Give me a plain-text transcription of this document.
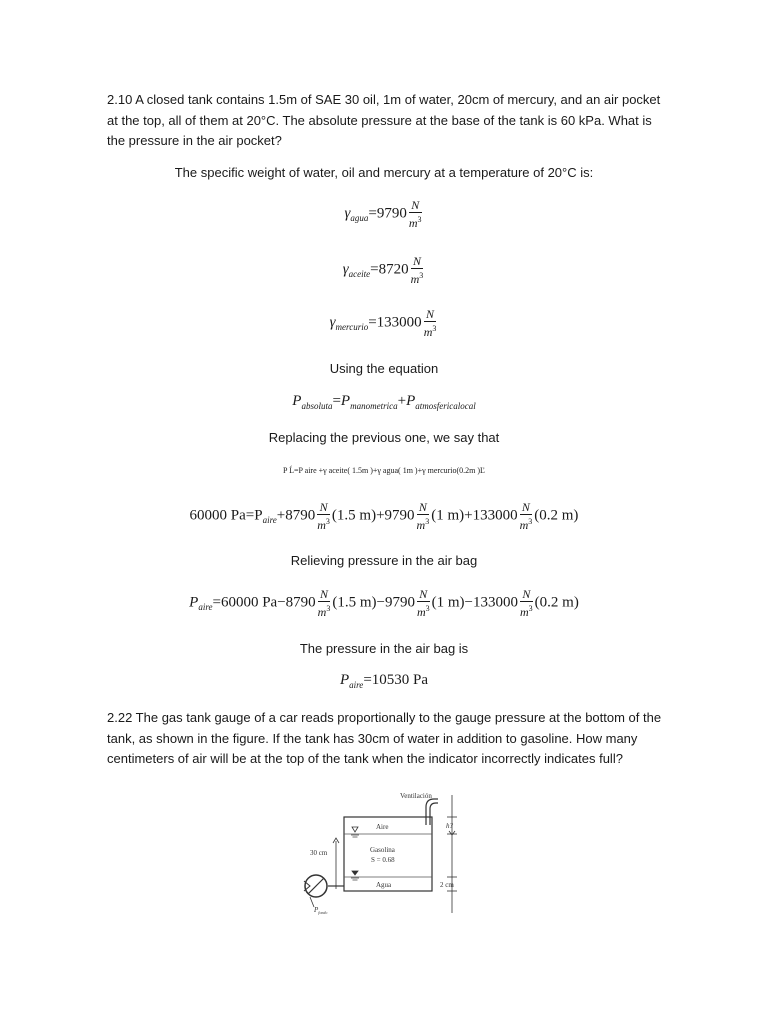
2.10 A closed tank contains 1.5m of SAE 30 oil, 1m of water, 20cm of mercury, and an air pocket at the top, all of them at 20°C. The absolute pressure at the base of the tank is 60 kPa. What is the pressure in the air pocket?
The specific weight of water, oil and mercury at a temperature of 20°C is:
$\gamma_{agua}=9790 \frac{N}{m^3}$
$\gamma_{aceite}=8720 \frac{N}{m^3}$
$\gamma_{mercurio}=133000 \frac{N}{m^3}$
Using the equation
$P_{absoluta}=P_{manometrica}+P_{atmosfericalocal}$
Replacing the previous one, we say that
P Ĺ=P aire +γ aceite( 1.5m )+γ agua( 1m )+γ mercurio(0.2m )Ľ
60000 $Pa=P_{aire}+8790 \frac{N}{m^3} (1.5$ $m)+9790 \frac{N}{m^3} (1$ $m)+133000 \frac{N}{m^3} (0.2$ m)
Relieving pressure in the air bag
$P_{aire}=60000$ $Pa-8790 \frac{N}{m^3} (1.5$ $m)-9790 \frac{N}{m^3} (1$ $m)-133000 \frac{N}{m^3} (0.2$ m)
The pressure in the air bag is
$P_{aire}=10530$ Pa
2.22 The gas tank gauge of a car reads proportionally to the gauge pressure at the bottom of the tank, as shown in the figure. If the tank has 30cm of water in addition to gasoline. How many centimeters of air will be at the top of the tank when the indicator incorrectly indicates full?
Ventilación
Aire
Gasolina
S = 0.68
Agua
30 cm
h?
2 cm
$P_{fondo}$
